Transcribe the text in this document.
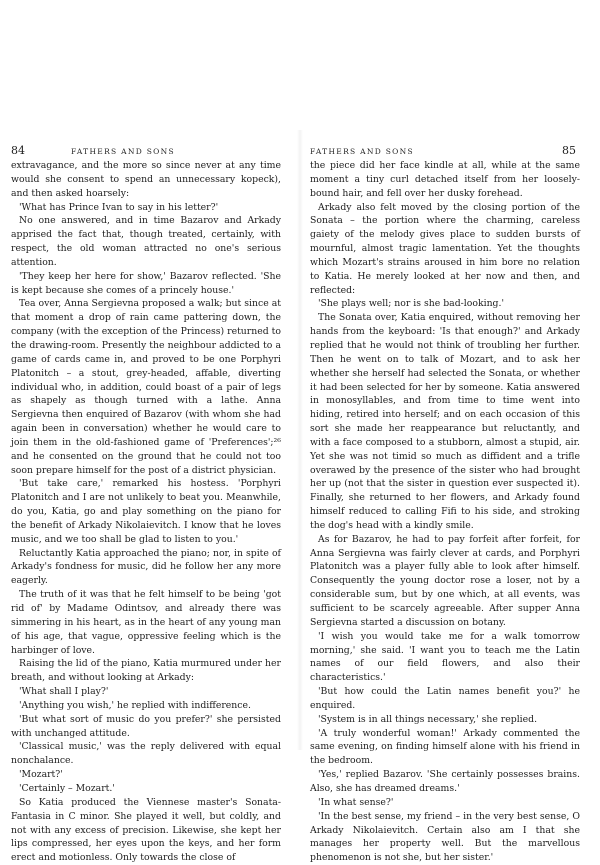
84	FATHERS AND SONS

extravagance, and the more so since never at any time would she consent to spend an unnecessary kopeck), and then asked hoarsely:

'What has Prince Ivan to say in his letter?'

No one answered, and in time Bazarov and Arkady apprised the fact that, though treated, certainly, with respect, the old woman attracted no one's serious attention.

'They keep her here for show,' Bazarov reflected. 'She is kept because she comes of a princely house.'

Tea over, Anna Sergievna proposed a walk; but since at that moment a drop of rain came pattering down, the company (with the exception of the Princess) returned to the drawing-room. Presently the neighbour addicted to a game of cards came in, and proved to be one Porphyri Platonitch – a stout, grey-headed, affable, diverting individual who, in addition, could boast of a pair of legs as shapely as though turned with a lathe. Anna Sergievna then enquired of Bazarov (with whom she had again been in conversation) whether he would care to join them in the old-fashioned game of 'Preferences';²⁶ and he consented on the ground that he could not too soon prepare himself for the post of a district physician.

'But take care,' remarked his hostess. 'Porphyri Platonitch and I are not unlikely to beat you. Meanwhile, do you, Katia, go and play something on the piano for the benefit of Arkady Nikolaievitch. I know that he loves music, and we too shall be glad to listen to you.'

Reluctantly Katia approached the piano; nor, in spite of Arkady's fondness for music, did he follow her any more eagerly.

The truth of it was that he felt himself to be being 'got rid of' by Madame Odintsov, and already there was simmering in his heart, as in the heart of any young man of his age, that vague, oppressive feeling which is the harbinger of love.

Raising the lid of the piano, Katia murmured under her breath, and without looking at Arkady:

'What shall I play?'

'Anything you wish,' he replied with indifference.

'But what sort of music do you prefer?' she persisted with unchanged attitude.

'Classical music,' was the reply delivered with equal nonchalance.

'Mozart?'

'Certainly – Mozart.'

So Katia produced the Viennese master's Sonata-Fantasia in C minor. She played it well, but coldly, and not with any excess of precision. Likewise, she kept her lips compressed, her eyes upon the keys, and her form erect and motionless. Only towards the close of

FATHERS AND SONS	85

the piece did her face kindle at all, while at the same moment a tiny curl detached itself from her loosely-bound hair, and fell over her dusky forehead.

Arkady also felt moved by the closing portion of the Sonata – the portion where the charming, careless gaiety of the melody gives place to sudden bursts of mournful, almost tragic lamentation. Yet the thoughts which Mozart's strains aroused in him bore no relation to Katia. He merely looked at her now and then, and reflected:

'She plays well; nor is she bad-looking.'

The Sonata over, Katia enquired, without removing her hands from the keyboard: 'Is that enough?' and Arkady replied that he would not think of troubling her further. Then he went on to talk of Mozart, and to ask her whether she herself had selected the Sonata, or whether it had been selected for her by someone. Katia answered in monosyllables, and from time to time went into hiding, retired into herself; and on each occasion of this sort she made her reappearance but reluctantly, and with a face composed to a stubborn, almost a stupid, air. Yet she was not timid so much as diffident and a trifle overawed by the presence of the sister who had brought her up (not that the sister in question ever suspected it). Finally, she returned to her flowers, and Arkady found himself reduced to calling Fifi to his side, and stroking the dog's head with a kindly smile.

As for Bazarov, he had to pay forfeit after forfeit, for Anna Sergievna was fairly clever at cards, and Porphyri Platonitch was a player fully able to look after himself. Consequently the young doctor rose a loser, not by a considerable sum, but by one which, at all events, was sufficient to be scarcely agreeable. After supper Anna Sergievna started a discussion on botany.

'I wish you would take me for a walk tomorrow morning,' she said. 'I want you to teach me the Latin names of our field flowers, and also their characteristics.'

'But how could the Latin names benefit you?' he enquired.

'System is in all things necessary,' she replied.

'A truly wonderful woman!' Arkady commented the same evening, on finding himself alone with his friend in the bedroom.

'Yes,' replied Bazarov. 'She certainly possesses brains. Also, she has dreamed dreams.'

'In what sense?'

'In the best sense, my friend – in the very best sense, O Arkady Nikolaievitch. Certain also am I that she manages her property well. But the marvellous phenomenon is not she, but her sister.'
